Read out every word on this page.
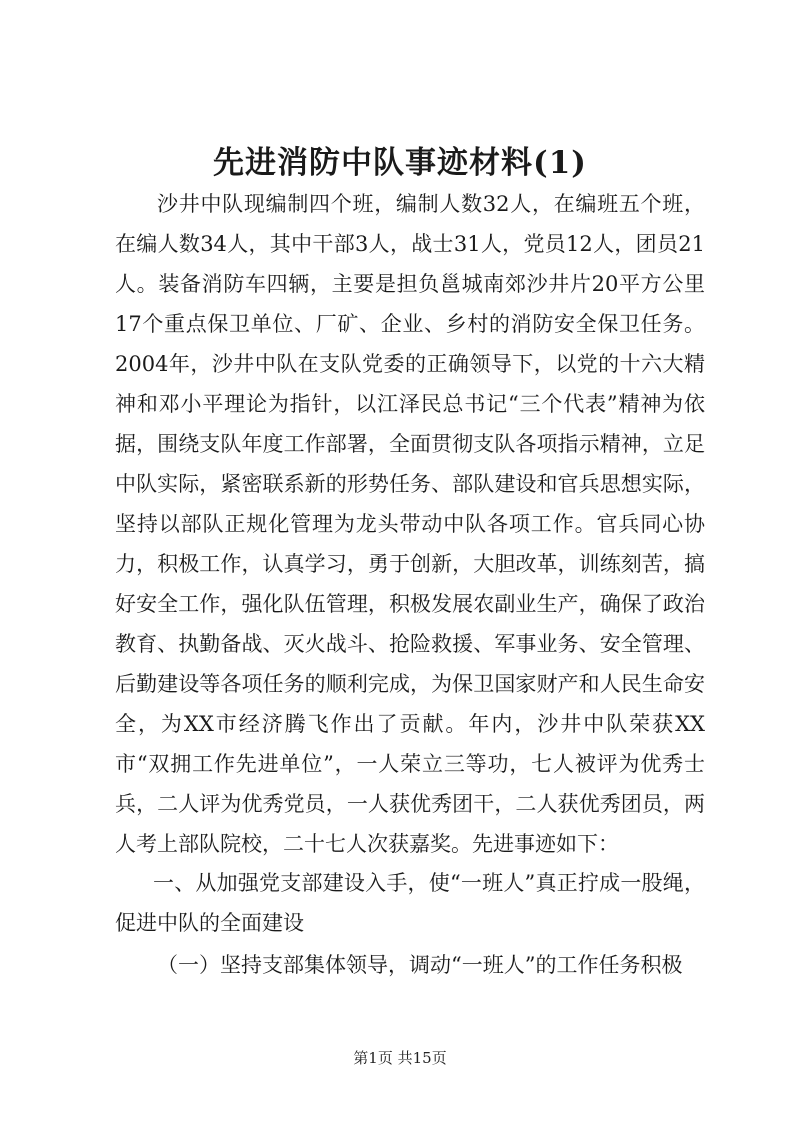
先进消防中队事迹材料(1)

沙井中队现编制四个班，编制人数32人，在编班五个班，在编人数34人，其中干部3人，战士31人，党员12人，团员21人。装备消防车四辆，主要是担负邕城南郊沙井片20平方公里17个重点保卫单位、厂矿、企业、乡村的消防安全保卫任务。2004年，沙井中队在支队党委的正确领导下，以党的十六大精神和邓小平理论为指针，以江泽民总书记“三个代表”精神为依据，围绕支队年度工作部署，全面贯彻支队各项指示精神，立足中队实际，紧密联系新的形势任务、部队建设和官兵思想实际，坚持以部队正规化管理为龙头带动中队各项工作。官兵同心协力，积极工作，认真学习，勇于创新，大胆改革，训练刻苦，搞好安全工作，强化队伍管理，积极发展农副业生产，确保了政治教育、执勤备战、灭火战斗、抢险救援、军事业务、安全管理、后勤建设等各项任务的顺利完成，为保卫国家财产和人民生命安全，为XX市经济腾飞作出了贡献。年内，沙井中队荣获XX市“双拥工作先进单位”，一人荣立三等功，七人被评为优秀士兵，二人评为优秀党员，一人获优秀团干，二人获优秀团员，两人考上部队院校，二十七人次获嘉奖。先进事迹如下：

一、从加强党支部建设入手，使“一班人”真正拧成一股绳，促进中队的全面建设

（一）坚持支部集体领导，调动“一班人”的工作任务积极

第1页 共15页
